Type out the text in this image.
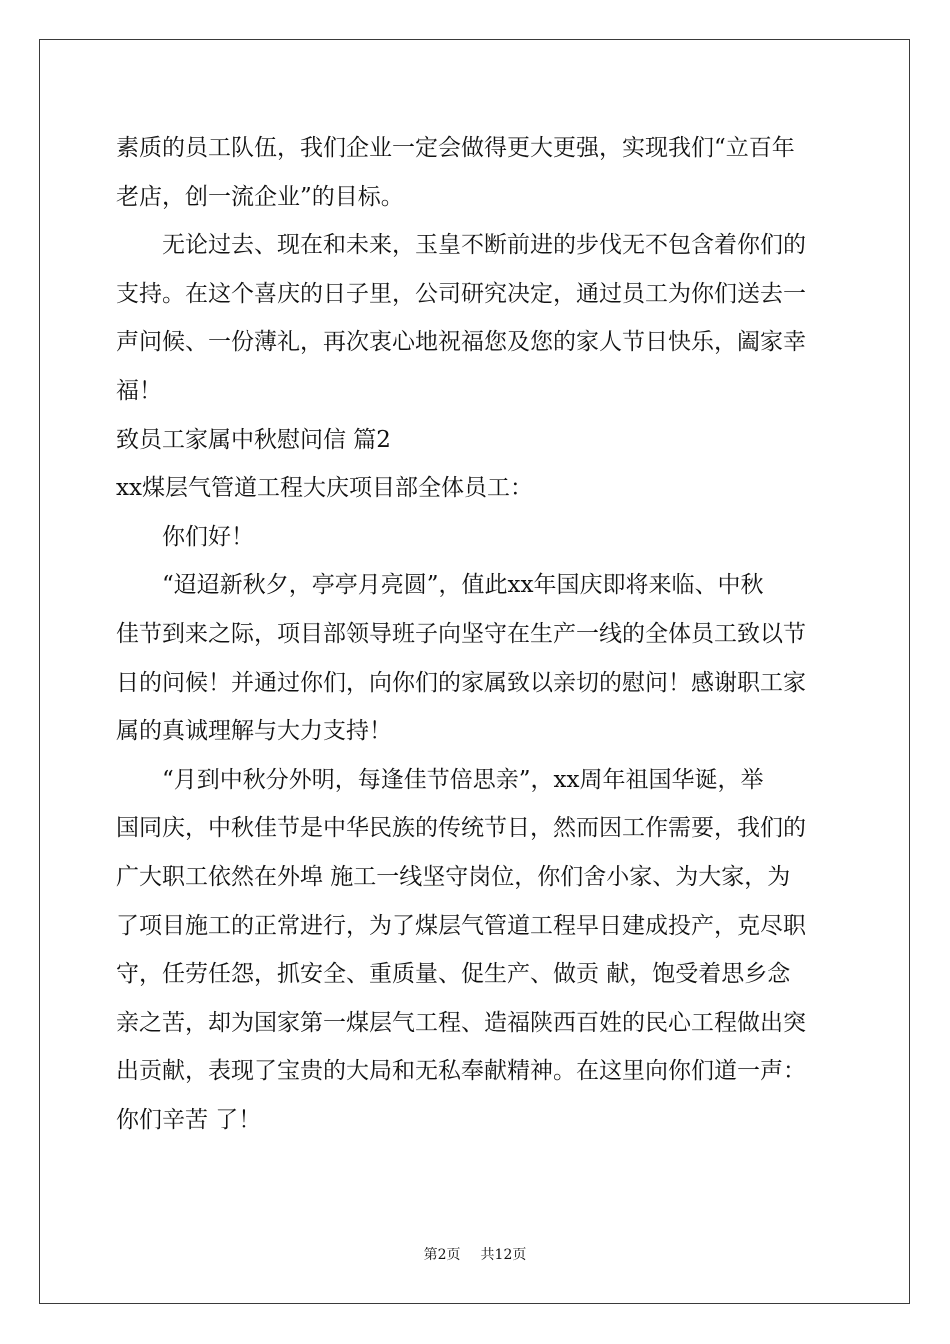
素质的员工队伍，我们企业一定会做得更大更强，实现我们“立百年
老店，创一流企业”的目标。
无论过去、现在和未来，玉皇不断前进的步伐无不包含着你们的
支持。在这个喜庆的日子里，公司研究决定，通过员工为你们送去一
声问候、一份薄礼，再次衷心地祝福您及您的家人节日快乐，阖家幸
福！
致员工家属中秋慰问信 篇2
xx煤层气管道工程大庆项目部全体员工：
你们好！
“迢迢新秋夕，亭亭月亮圆”，值此xx年国庆即将来临、中秋
佳节到来之际，项目部领导班子向坚守在生产一线的全体员工致以节
日的问候！并通过你们，向你们的家属致以亲切的慰问！感谢职工家
属的真诚理解与大力支持！
“月到中秋分外明，每逢佳节倍思亲”，xx周年祖国华诞，举
国同庆，中秋佳节是中华民族的传统节日，然而因工作需要，我们的
广大职工依然在外埠 施工一线坚守岗位，你们舍小家、为大家，为
了项目施工的正常进行，为了煤层气管道工程早日建成投产，克尽职
守，任劳任怨，抓安全、重质量、促生产、做贡 献，饱受着思乡念
亲之苦，却为国家第一煤层气工程、造福陕西百姓的民心工程做出突
出贡献，表现了宝贵的大局和无私奉献精神。在这里向你们道一声：
你们辛苦 了！
第2页 共12页
